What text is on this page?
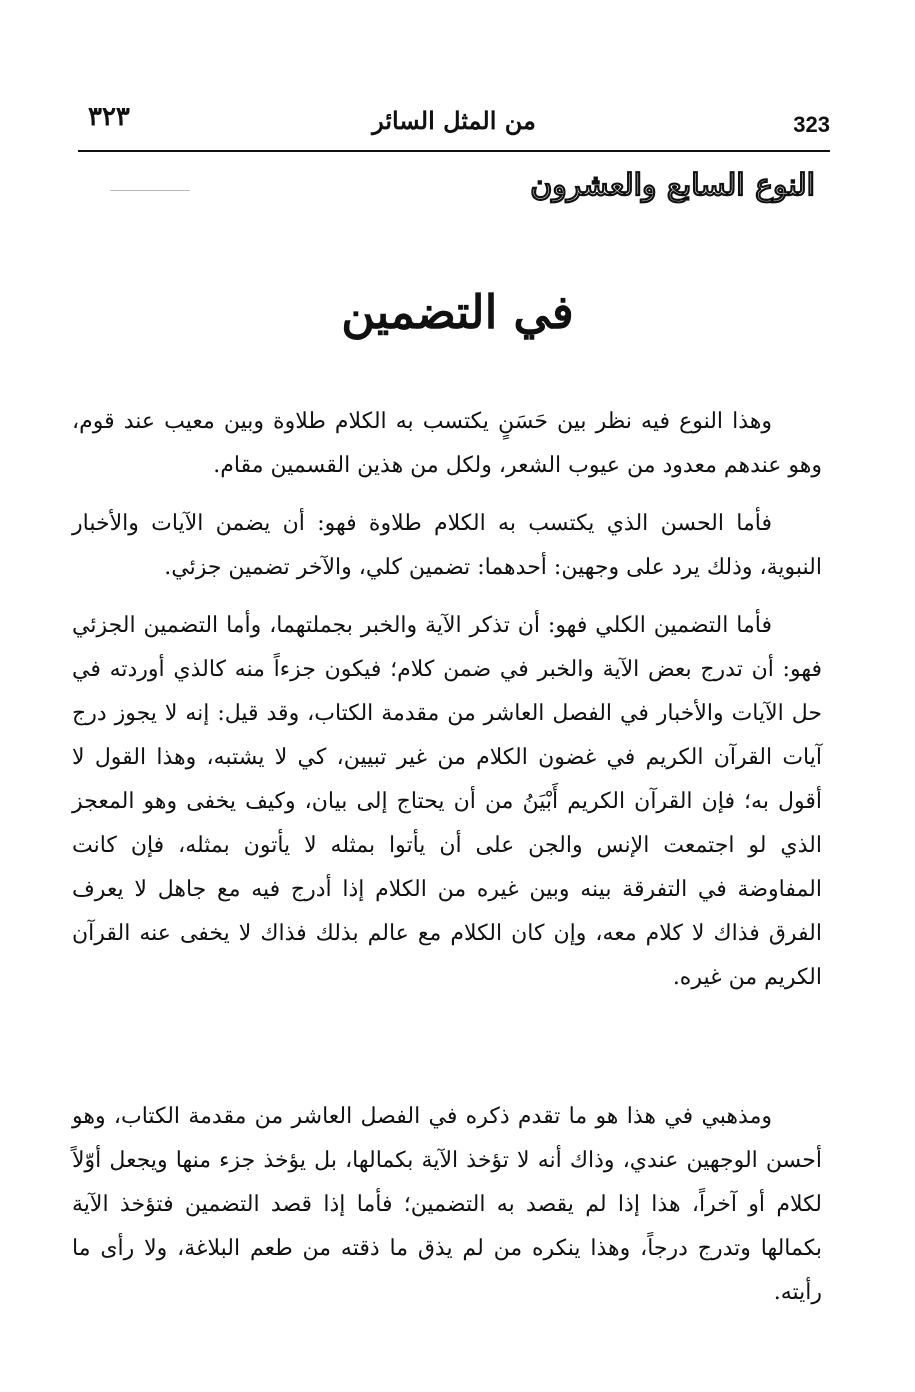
323
من المثل السائر
٣٢٣
النوع السابع والعشرون
في التضمين

وهذا النوع فيه نظر بين حَسَنٍ يكتسب به الكلام طلاوة وبين معيب عند قوم، وهو عندهم معدود من عيوب الشعر، ولكل من هذين القسمين مقام.

فأما الحسن الذي يكتسب به الكلام طلاوة فهو: أن يضمن الآيات والأخبار النبوية، وذلك يرد على وجهين: أحدهما: تضمين كلي، والآخر تضمين جزئي.

فأما التضمين الكلي فهو: أن تذكر الآية والخبر بجملتهما، وأما التضمين الجزئي فهو: أن تدرج بعض الآية والخبر في ضمن كلام؛ فيكون جزءاً منه كالذي أوردته في حل الآيات والأخبار في الفصل العاشر من مقدمة الكتاب، وقد قيل: إنه لا يجوز درج آيات القرآن الكريم في غضون الكلام من غير تبيين، كي لا يشتبه، وهذا القول لا أقول به؛ فإن القرآن الكريم أَبْيَنُ من أن يحتاج إلى بيان، وكيف يخفى وهو المعجز الذي لو اجتمعت الإنس والجن على أن يأتوا بمثله لا يأتون بمثله، فإن كانت المفاوضة في التفرقة بينه وبين غيره من الكلام إذا أدرج فيه مع جاهل لا يعرف الفرق فذاك لا كلام معه، وإن كان الكلام مع عالم بذلك فذاك لا يخفى عنه القرآن الكريم من غيره.

ومذهبي في هذا هو ما تقدم ذكره في الفصل العاشر من مقدمة الكتاب، وهو أحسن الوجهين عندي، وذاك أنه لا تؤخذ الآية بكمالها، بل يؤخذ جزء منها ويجعل أوّلاً لكلام أو آخراً، هذا إذا لم يقصد به التضمين؛ فأما إذا قصد التضمين فتؤخذ الآية بكمالها وتدرج درجاً، وهذا ينكره من لم يذق ما ذقته من طعم البلاغة، ولا رأى ما رأيته.
